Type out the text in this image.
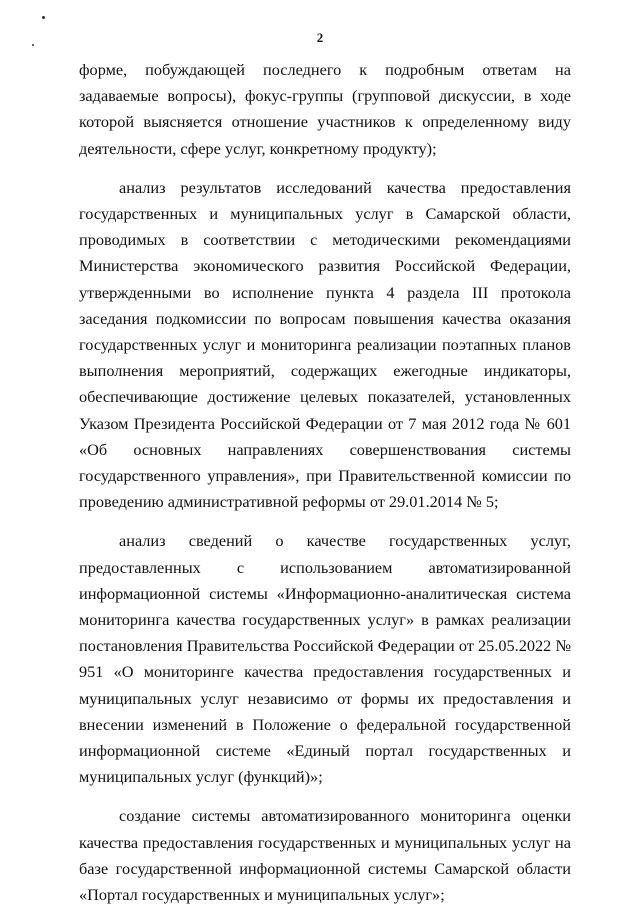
2

форме, побуждающей последнего к подробным ответам на задаваемые вопросы), фокус-группы (групповой дискуссии, в ходе которой выясняется отношение участников к определенному виду деятельности, сфере услуг, конкретному продукту);

анализ результатов исследований качества предоставления государственных и муниципальных услуг в Самарской области, проводимых в соответствии с методическими рекомендациями Министерства экономического развития Российской Федерации, утвержденными во исполнение пункта 4 раздела III протокола заседания подкомиссии по вопросам повышения качества оказания государственных услуг и мониторинга реализации поэтапных планов выполнения мероприятий, содержащих ежегодные индикаторы, обеспечивающие достижение целевых показателей, установленных Указом Президента Российской Федерации от 7 мая 2012 года № 601 «Об основных направлениях совершенствования системы государственного управления», при Правительственной комиссии по проведению административной реформы от 29.01.2014 № 5;

анализ сведений о качестве государственных услуг, предоставленных с использованием автоматизированной информационной системы «Информационно-аналитическая система мониторинга качества государственных услуг» в рамках реализации постановления Правительства Российской Федерации от 25.05.2022 № 951 «О мониторинге качества предоставления государственных и муниципальных услуг независимо от формы их предоставления и внесении изменений в Положение о федеральной государственной информационной системе «Единый портал государственных и муниципальных услуг (функций)»;

создание системы автоматизированного мониторинга оценки качества предоставления государственных и муниципальных услуг на базе государственной информационной системы Самарской области «Портал государственных и муниципальных услуг»;
